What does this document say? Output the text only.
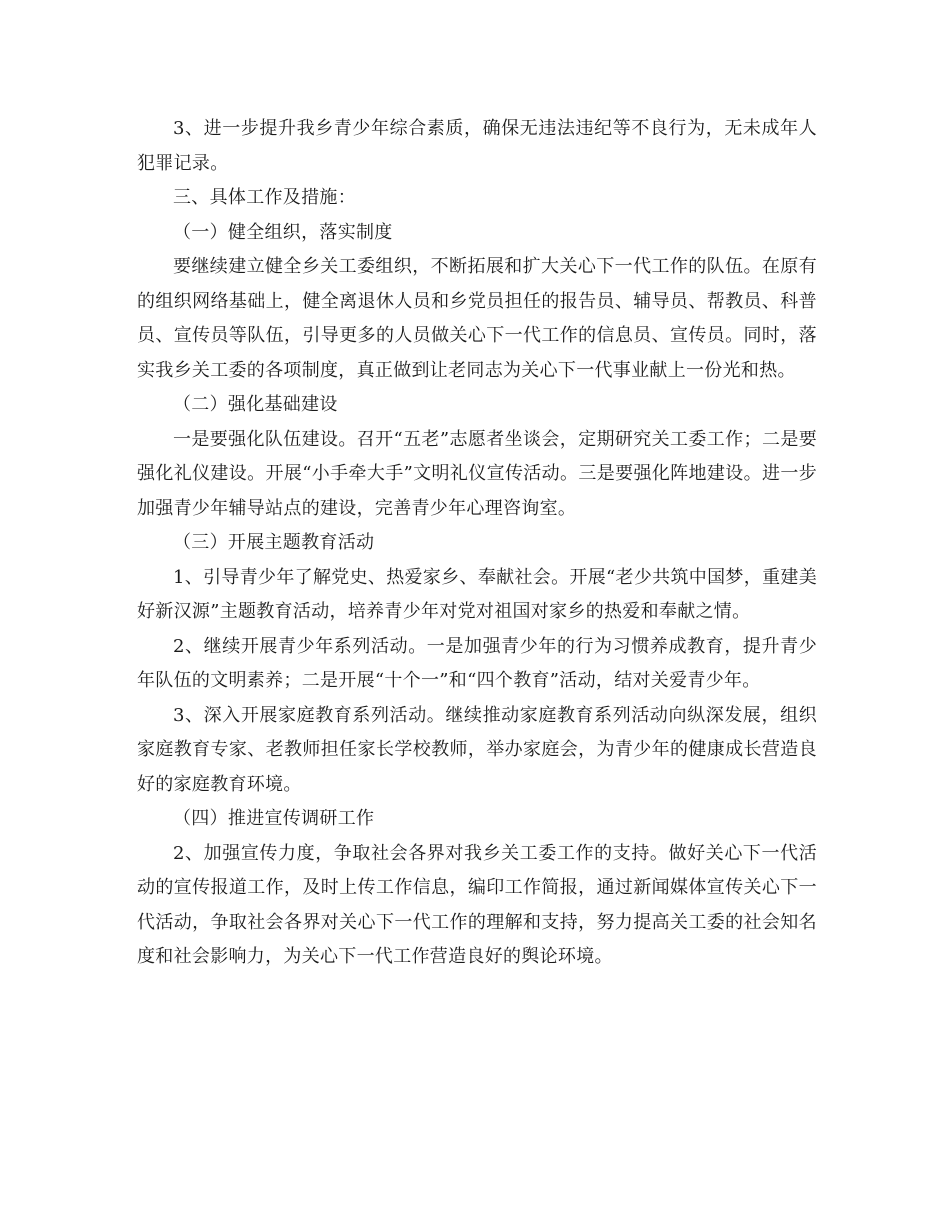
3、进一步提升我乡青少年综合素质，确保无违法违纪等不良行为，无未成年人犯罪记录。

三、具体工作及措施：

（一）健全组织，落实制度

要继续建立健全乡关工委组织，不断拓展和扩大关心下一代工作的队伍。在原有的组织网络基础上，健全离退休人员和乡党员担任的报告员、辅导员、帮教员、科普员、宣传员等队伍，引导更多的人员做关心下一代工作的信息员、宣传员。同时，落实我乡关工委的各项制度，真正做到让老同志为关心下一代事业献上一份光和热。

（二）强化基础建设

一是要强化队伍建设。召开“五老”志愿者坐谈会，定期研究关工委工作；二是要强化礼仪建设。开展“小手牵大手”文明礼仪宣传活动。三是要强化阵地建设。进一步加强青少年辅导站点的建设，完善青少年心理咨询室。

（三）开展主题教育活动

1、引导青少年了解党史、热爱家乡、奉献社会。开展“老少共筑中国梦，重建美好新汉源”主题教育活动，培养青少年对党对祖国对家乡的热爱和奉献之情。

2、继续开展青少年系列活动。一是加强青少年的行为习惯养成教育，提升青少年队伍的文明素养；二是开展“十个一”和“四个教育”活动，结对关爱青少年。

3、深入开展家庭教育系列活动。继续推动家庭教育系列活动向纵深发展，组织家庭教育专家、老教师担任家长学校教师，举办家庭会，为青少年的健康成长营造良好的家庭教育环境。

（四）推进宣传调研工作

2、加强宣传力度，争取社会各界对我乡关工委工作的支持。做好关心下一代活动的宣传报道工作，及时上传工作信息，编印工作简报，通过新闻媒体宣传关心下一代活动，争取社会各界对关心下一代工作的理解和支持，努力提高关工委的社会知名度和社会影响力，为关心下一代工作营造良好的舆论环境。
